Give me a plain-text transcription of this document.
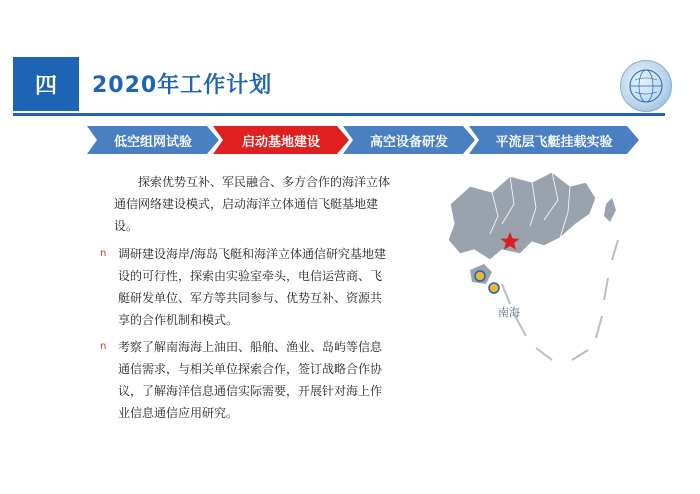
四	2020年工作计划
低空组网试验	启动基地建设	高空设备研发	平流层飞艇挂载实验

探索优势互补、军民融合、多方合作的海洋立体通信网络建设模式，启动海洋立体通信飞艇基地建设。

n 调研建设海岸/海岛飞艇和海洋立体通信研究基地建设的可行性，探索由实验室牵头，电信运营商、飞艇研发单位、军方等共同参与、优势互补、资源共享的合作机制和模式。

n 考察了解南海海上油田、船舶、渔业、岛屿等信息通信需求，与相关单位探索合作，签订战略合作协议，了解海洋信息通信实际需要，开展针对海上作业信息通信应用研究。

南海
